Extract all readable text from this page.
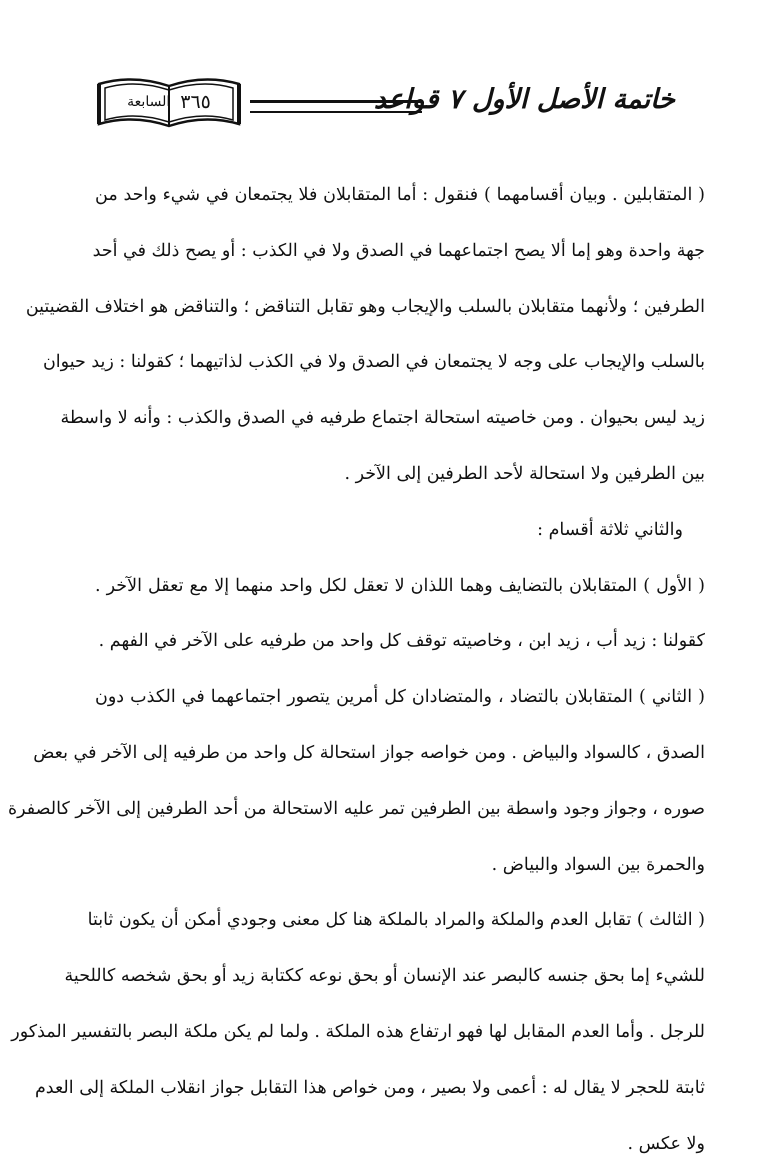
السابعة ٣٦٥	خاتمة الأصل الأول ٧ قواعد
( المتقابلين . وبيان أقسامهما ) فنقول : أما المتقابلان فلا يجتمعان في شيء واحد من
جهة واحدة وهو إما ألا يصح اجتماعهما في الصدق ولا في الكذب : أو يصح ذلك في أحد
الطرفين ؛ ولأنهما متقابلان بالسلب والإيجاب وهو تقابل التناقض ؛ والتناقض هو اختلاف القضيتين
بالسلب والإيجاب على وجه لا يجتمعان في الصدق ولا في الكذب لذاتيهما ؛ كقولنا : زيد حيوان
زيد ليس بحيوان . ومن خاصيته استحالة اجتماع طرفيه في الصدق والكذب : وأنه لا واسطة
بين الطرفين ولا استحالة لأحد الطرفين إلى الآخر .
والثاني ثلاثة أقسام :
( الأول ) المتقابلان بالتضايف وهما اللذان لا تعقل لكل واحد منهما إلا مع تعقل الآخر .
كقولنا : زيد أب ، زيد ابن ، وخاصيته توقف كل واحد من طرفيه على الآخر في الفهم .
( الثاني ) المتقابلان بالتضاد ، والمتضادان كل أمرين يتصور اجتماعهما في الكذب دون
الصدق ، كالسواد والبياض . ومن خواصه جواز استحالة كل واحد من طرفيه إلى الآخر في بعض
صوره ، وجواز وجود واسطة بين الطرفين تمر عليه الاستحالة من أحد الطرفين إلى الآخر كالصفرة
والحمرة بين السواد والبياض .
( الثالث ) تقابل العدم والملكة والمراد بالملكة هنا كل معنى وجودي أمكن أن يكون ثابتا
للشيء إما بحق جنسه كالبصر عند الإنسان أو بحق نوعه ككتابة زيد أو بحق شخصه كاللحية
للرجل . وأما العدم المقابل لها فهو ارتفاع هذه الملكة . ولما لم يكن ملكة البصر بالتفسير المذكور
ثابتة للحجر لا يقال له : أعمى ولا بصير ، ومن خواص هذا التقابل جواز انقلاب الملكة إلى العدم
ولا عكس .
